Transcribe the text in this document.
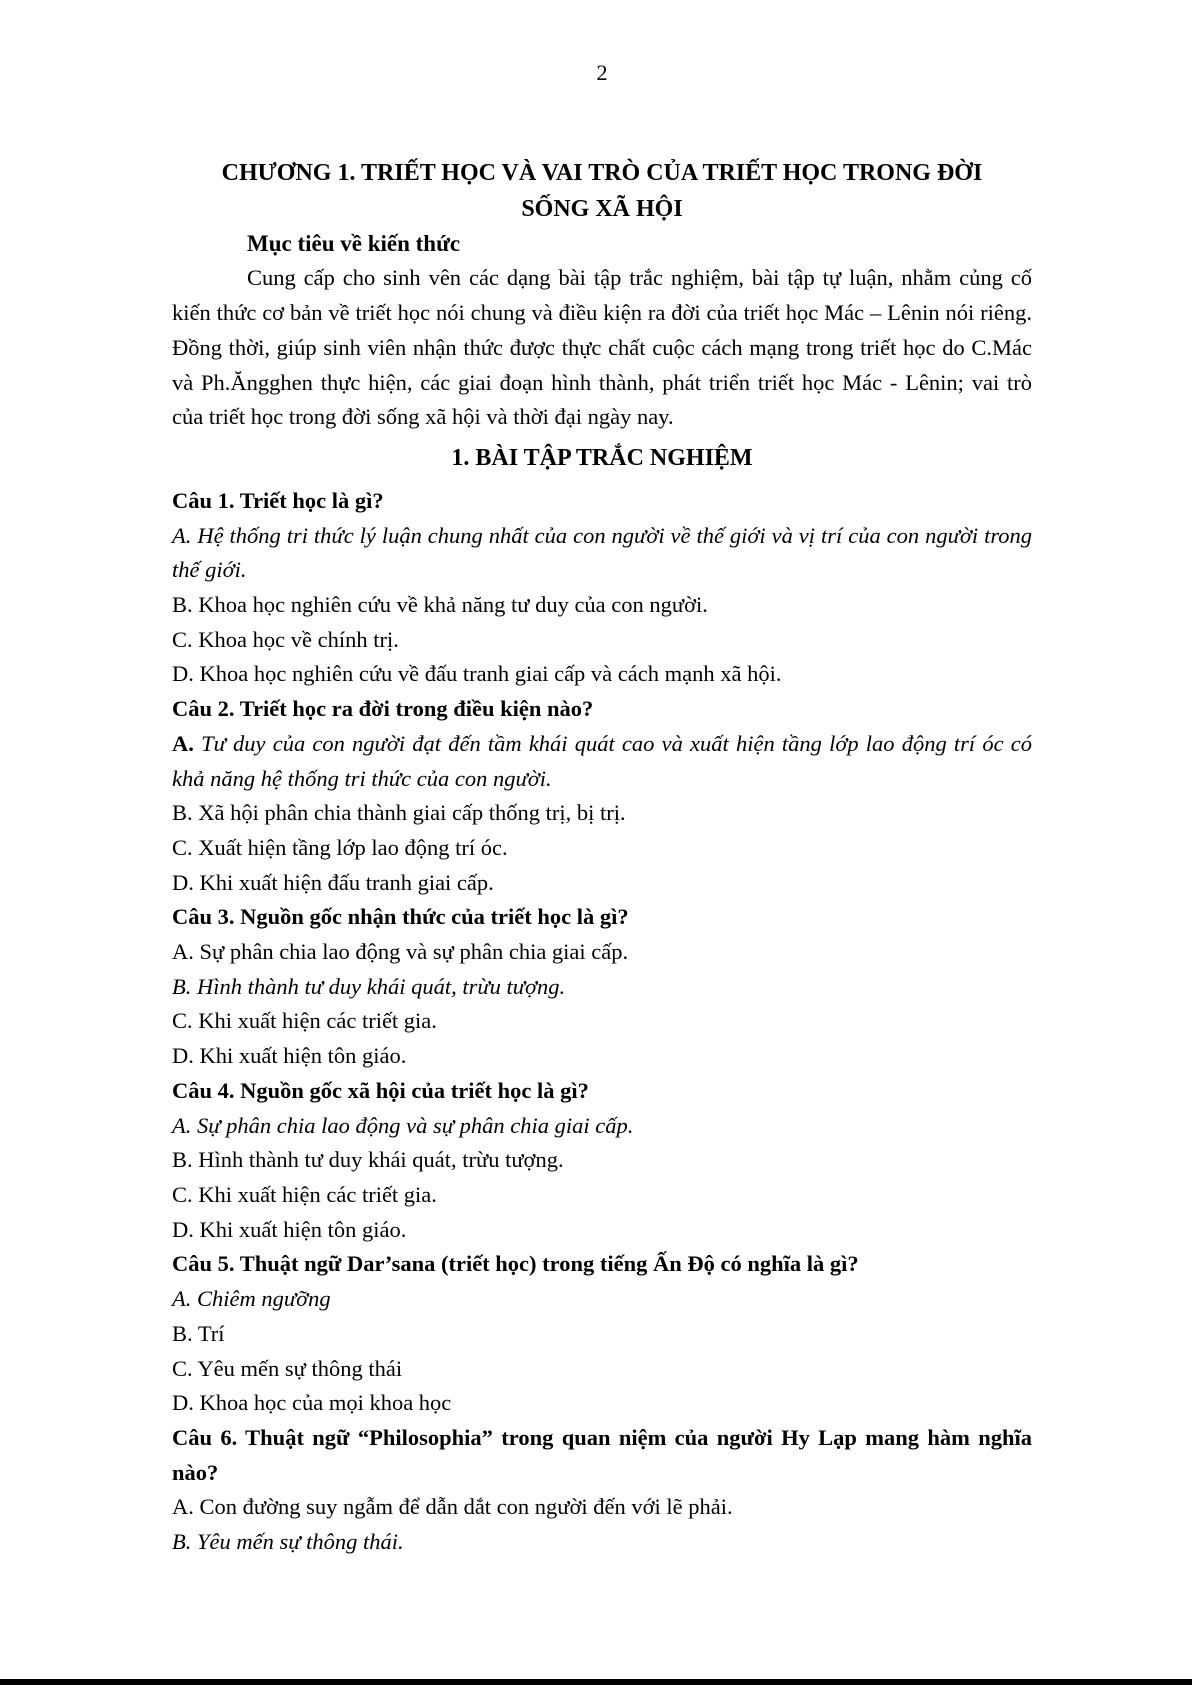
2
CHƯƠNG 1. TRIẾT HỌC VÀ VAI TRÒ CỦA TRIẾT HỌC TRONG ĐỜI
SỐNG XÃ HỘI
Mục tiêu về kiến thức

Cung cấp cho sinh vên các dạng bài tập trắc nghiệm, bài tập tự luận, nhằm củng cố kiến thức cơ bản về triết học nói chung và điều kiện ra đời của triết học Mác – Lênin nói riêng. Đồng thời, giúp sinh viên nhận thức được thực chất cuộc cách mạng trong triết học do C.Mác và Ph.Ăngghen thực hiện, các giai đoạn hình thành, phát triển triết học Mác - Lênin; vai trò của triết học trong đời sống xã hội và thời đại ngày nay.

1. BÀI TẬP TRẮC NGHIỆM

Câu 1. Triết học là gì?

A. Hệ thống tri thức lý luận chung nhất của con người về thế giới và vị trí của con người trong thế giới.

B. Khoa học nghiên cứu về khả năng tư duy của con người.

C. Khoa học về chính trị.

D. Khoa học nghiên cứu về đấu tranh giai cấp và cách mạnh xã hội.

Câu 2. Triết học ra đời trong điều kiện nào?

A. Tư duy của con người đạt đến tầm khái quát cao và xuất hiện tầng lớp lao động trí óc có khả năng hệ thống tri thức của con người.

B. Xã hội phân chia thành giai cấp thống trị, bị trị.

C. Xuất hiện tầng lớp lao động trí óc.

D. Khi xuất hiện đấu tranh giai cấp.

Câu 3. Nguồn gốc nhận thức của triết học là gì?

A. Sự phân chia lao động và sự phân chia giai cấp.

B. Hình thành tư duy khái quát, trừu tượng.

C. Khi xuất hiện các triết gia.

D. Khi xuất hiện tôn giáo.

Câu 4. Nguồn gốc xã hội của triết học là gì?

A. Sự phân chia lao động và sự phân chia giai cấp.

B. Hình thành tư duy khái quát, trừu tượng.

C. Khi xuất hiện các triết gia.

D. Khi xuất hiện tôn giáo.

Câu 5. Thuật ngữ Dar’sana (triết học) trong tiếng Ấn Độ có nghĩa là gì?

A. Chiêm ngưỡng

B. Trí

C. Yêu mến sự thông thái

D. Khoa học của mọi khoa học

Câu 6. Thuật ngữ “Philosophia” trong quan niệm của người Hy Lạp mang hàm nghĩa nào?

A. Con đường suy ngẫm để dẫn dắt con người đến với lẽ phải.

B. Yêu mến sự thông thái.
